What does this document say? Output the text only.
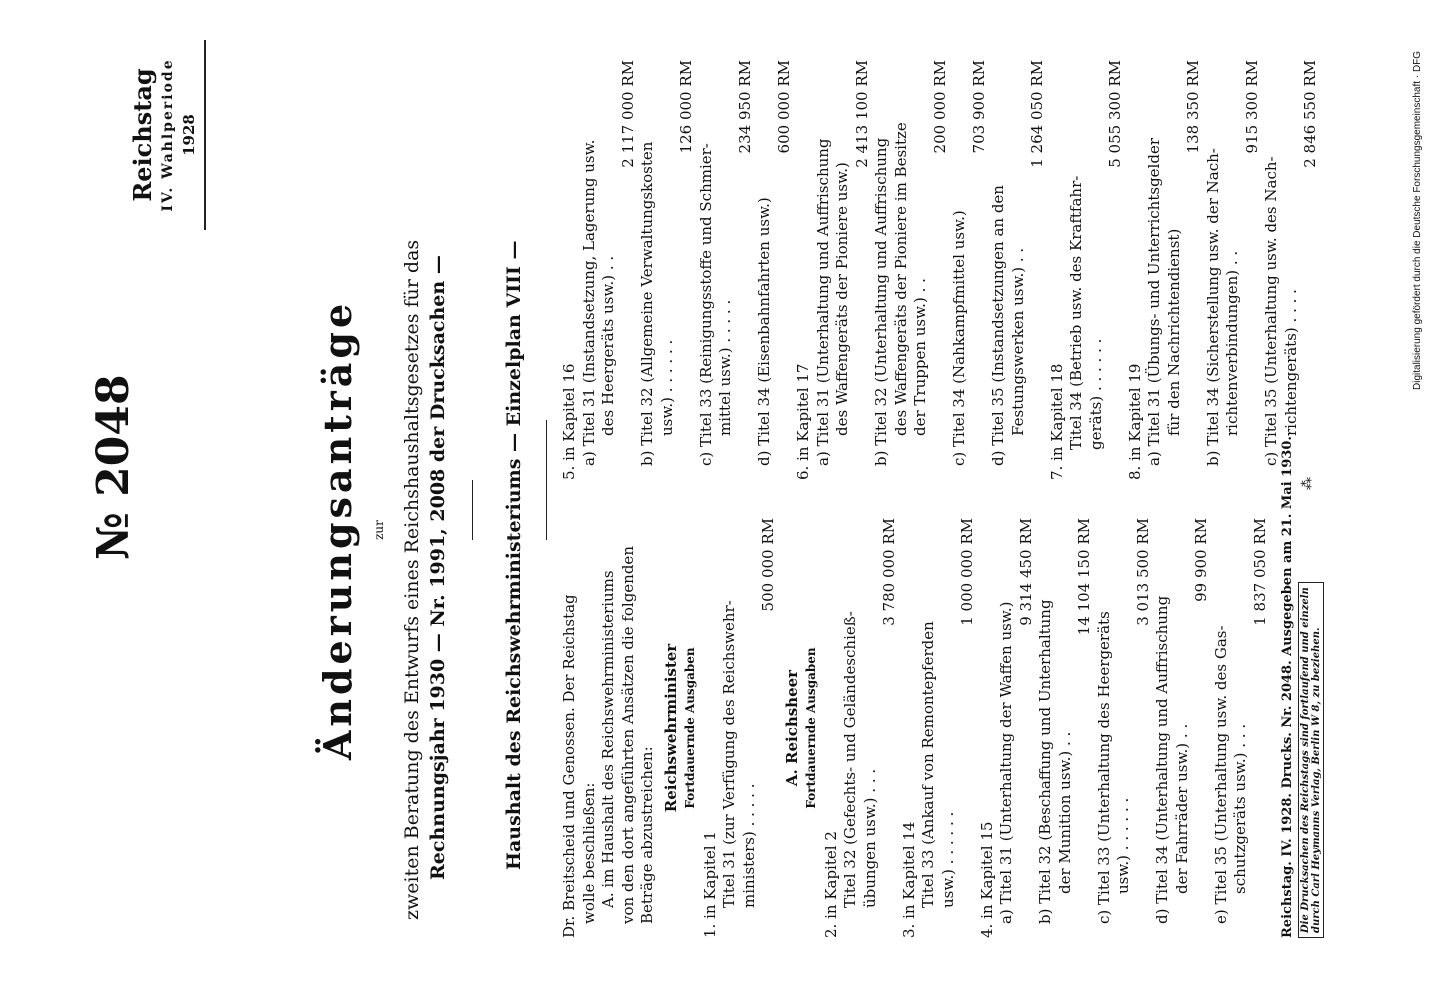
Reichstag IV. Wahlperiode 1928
№ 2048	Änderungsanträge zur zweiten Beratung des Entwurfs eines Reichshaushaltsgesetzes für das Rechnungsjahr 1930 — Nr. 1991, 2008 der Drucksachen —	Haushalt des Reichswehrministeriums — Einzelplan VIII — Dr. Breitscheid und Genossen. Der Reichstag wolle beschließen: A. im Haushalt des Reichswehrministeriums von den dort angeführten Ansätzen die folgenden Beträge abzustreichen:

Reichswehrminister Fortdauernde Ausgaben

1. in Kapitel 1 Titel 31 (zur Verfügung des Reichswehr- ministers) . . . . .

500 000 RM

A. Reichsheer Fortdauernde Ausgaben

2. in Kapitel 2 Titel 32 (Gefechts- und Geländeschieß- übungen usw.) . . .

3 780 000 RM

3. in Kapitel 14 Titel 33 (Ankauf von Remontepferden usw.) . . . . . .

1 000 000 RM

4. in Kapitel 15 a) Titel 31 (Unterhaltung der Waffen usw.)

9 314 450 RM

b) Titel 32 (Beschaffung und Unterhaltung der Munition usw.) . .

14 104 150 RM

c) Titel 33 (Unterhaltung des Heergeräts usw.) . . . . . .

3 013 500 RM

d) Titel 34 (Unterhaltung und Auffrischung der Fahrräder usw.) . .

99 900 RM

e) Titel 35 (Unterhaltung usw. des Gas- schutzgeräts usw.) . . .

1 837 050 RM

5. in Kapitel 16 a) Titel 31 (Instandsetzung, Lagerung usw. des Heergeräts usw.) . .

2 117 000 RM

b) Titel 32 (Allgemeine Verwaltungskosten usw.) . . . . . .

126 000 RM

c) Titel 33 (Reinigungsstoffe und Schmier- mittel usw.) . . . . .

234 950 RM

d) Titel 34 (Eisenbahnfahrten usw.)

600 000 RM

6. in Kapitel 17 a) Titel 31 (Unterhaltung und Auffrischung des Waffengeräts der Pioniere usw.)

2 413 100 RM

b) Titel 32 (Unterhaltung und Auffrischung des Waffengeräts der Pioniere im Besitze der Truppen usw.) . .

200 000 RM

c) Titel 34 (Nahkampfmittel usw.)

703 900 RM

d) Titel 35 (Instandsetzungen an den Festungswerken usw.) . .

1 264 050 RM

7. in Kapitel 18 Titel 34 (Betrieb usw. des Kraftfahr- geräts) . . . . . .

5 055 300 RM

8. in Kapitel 19 a) Titel 31 (Übungs- und Unterrichtsgelder für den Nachrichtendienst)

138 350 RM

b) Titel 34 (Sicherstellung usw. der Nach- richtenverbindungen) . .

915 300 RM

c) Titel 35 (Unterhaltung usw. des Nach- richtengeräts) . . . .

2 846 550 RM

Reichstag. IV. 1928. Drucks. Nr. 2048. Ausgegeben am 21. Mai 1930. Die Drucksachen des Reichstags sind fortlaufend und einzeln durch Carl Heymanns Verlag, Berlin W 8, zu beziehen.
⁂
Digitalisierung gefördert durch die Deutsche Forschungsgemeinschaft · DFG
